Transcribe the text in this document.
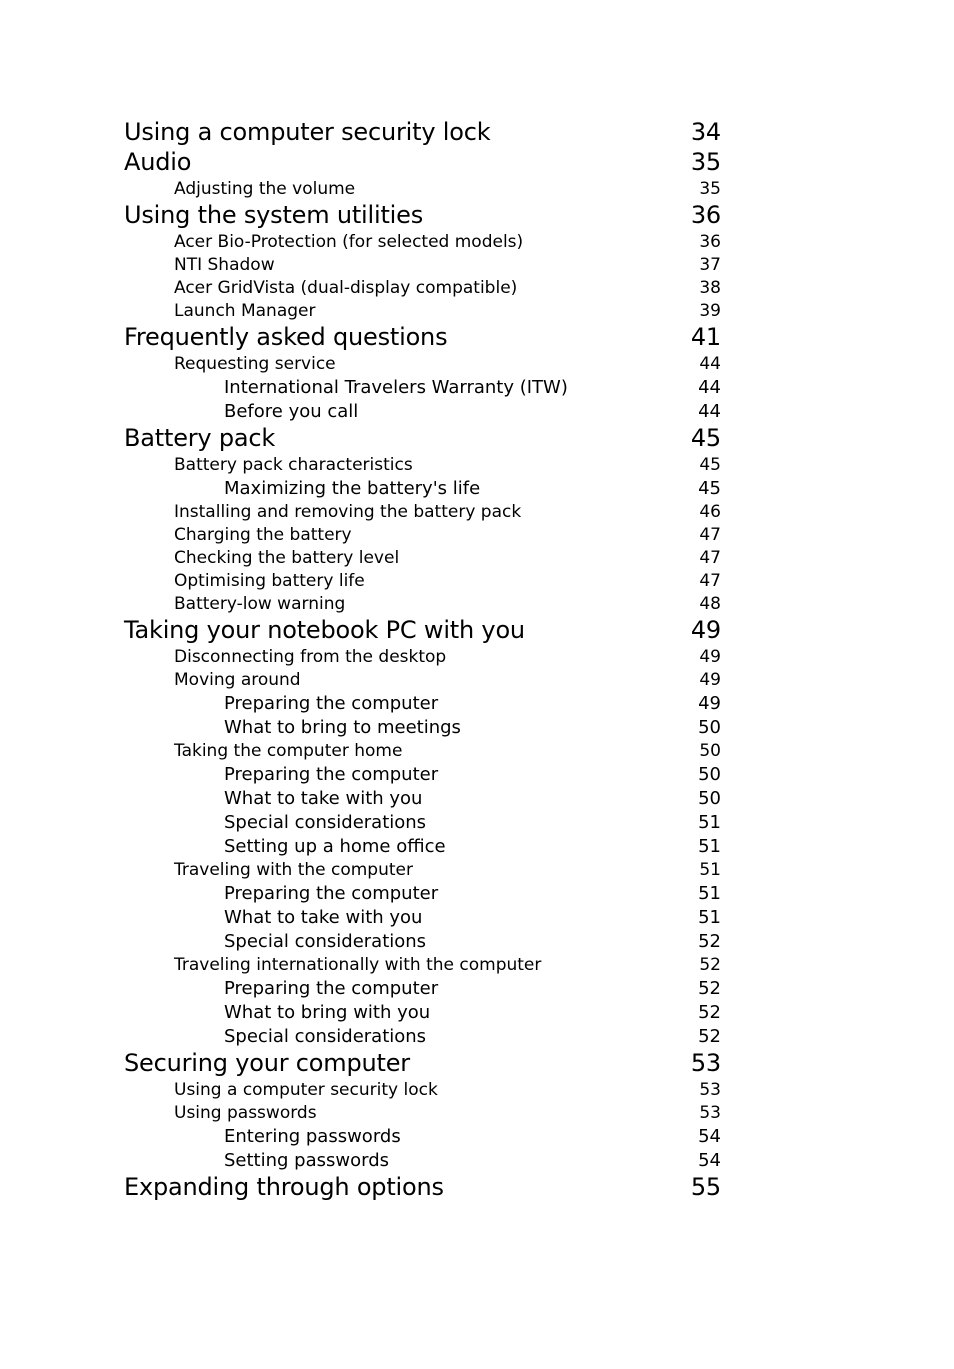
Using a computer security lock	34
Audio	35
Adjusting the volume	35
Using the system utilities	36
Acer Bio-Protection (for selected models)	36
NTI Shadow	37
Acer GridVista (dual-display compatible)	38
Launch Manager	39
Frequently asked questions	41
Requesting service	44
International Travelers Warranty (ITW)	44
Before you call	44
Battery pack	45
Battery pack characteristics	45
Maximizing the battery's life	45
Installing and removing the battery pack	46
Charging the battery	47
Checking the battery level	47
Optimising battery life	47
Battery-low warning	48
Taking your notebook PC with you	49
Disconnecting from the desktop	49
Moving around	49
Preparing the computer	49
What to bring to meetings	50
Taking the computer home	50
Preparing the computer	50
What to take with you	50
Special considerations	51
Setting up a home office	51
Traveling with the computer	51
Preparing the computer	51
What to take with you	51
Special considerations	52
Traveling internationally with the computer	52
Preparing the computer	52
What to bring with you	52
Special considerations	52
Securing your computer	53
Using a computer security lock	53
Using passwords	53
Entering passwords	54
Setting passwords	54
Expanding through options	55
